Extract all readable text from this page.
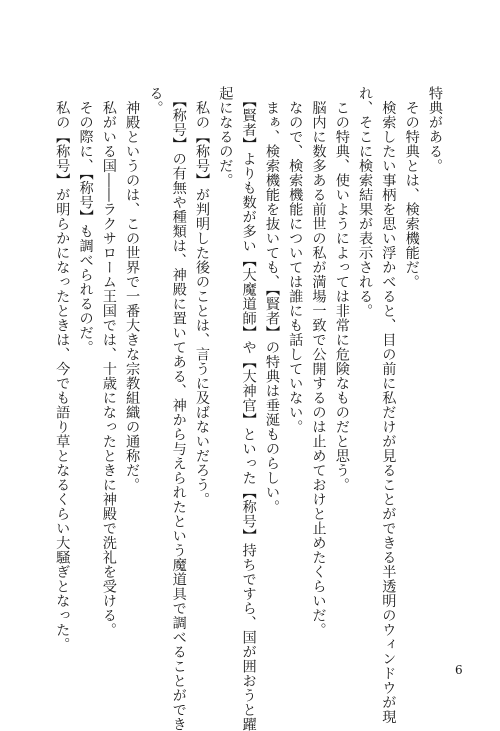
特典がある。
　その特典とは、検索機能だ。
　検索したい事柄を思い浮かべると、目の前に私だけが見ることができる半透明のウィンドウが現
れ、そこに検索結果が表示される。
　この特典、使いようによっては非常に危険なものだと思う。
　脳内に数多ある前世の私が満場一致で公開するのは止めておけと止めたくらいだ。
　なので、検索機能については誰にも話していない。
　まぁ、検索機能を抜いても、【賢者】の特典は垂涎ものらしい。
　【賢者】よりも数が多い【大魔道師】や【大神官】といった【称号】持ちですら、国が囲おうと躍
起になるのだ。
　私の【称号】が判明した後のことは、言うに及ばないだろう。
　【称号】の有無や種類は、神殿に置いてある、神から与えられたという魔道具で調べることができ
る。
　神殿というのは、この世界で一番大きな宗教組織の通称だ。
　私がいる国――ラクサローム王国では、十歳になったときに神殿で洗礼を受ける。
　その際に、【称号】も調べられるのだ。
　私の【称号】が明らかになったときは、今でも語り草となるくらい大騒ぎとなった。
6
